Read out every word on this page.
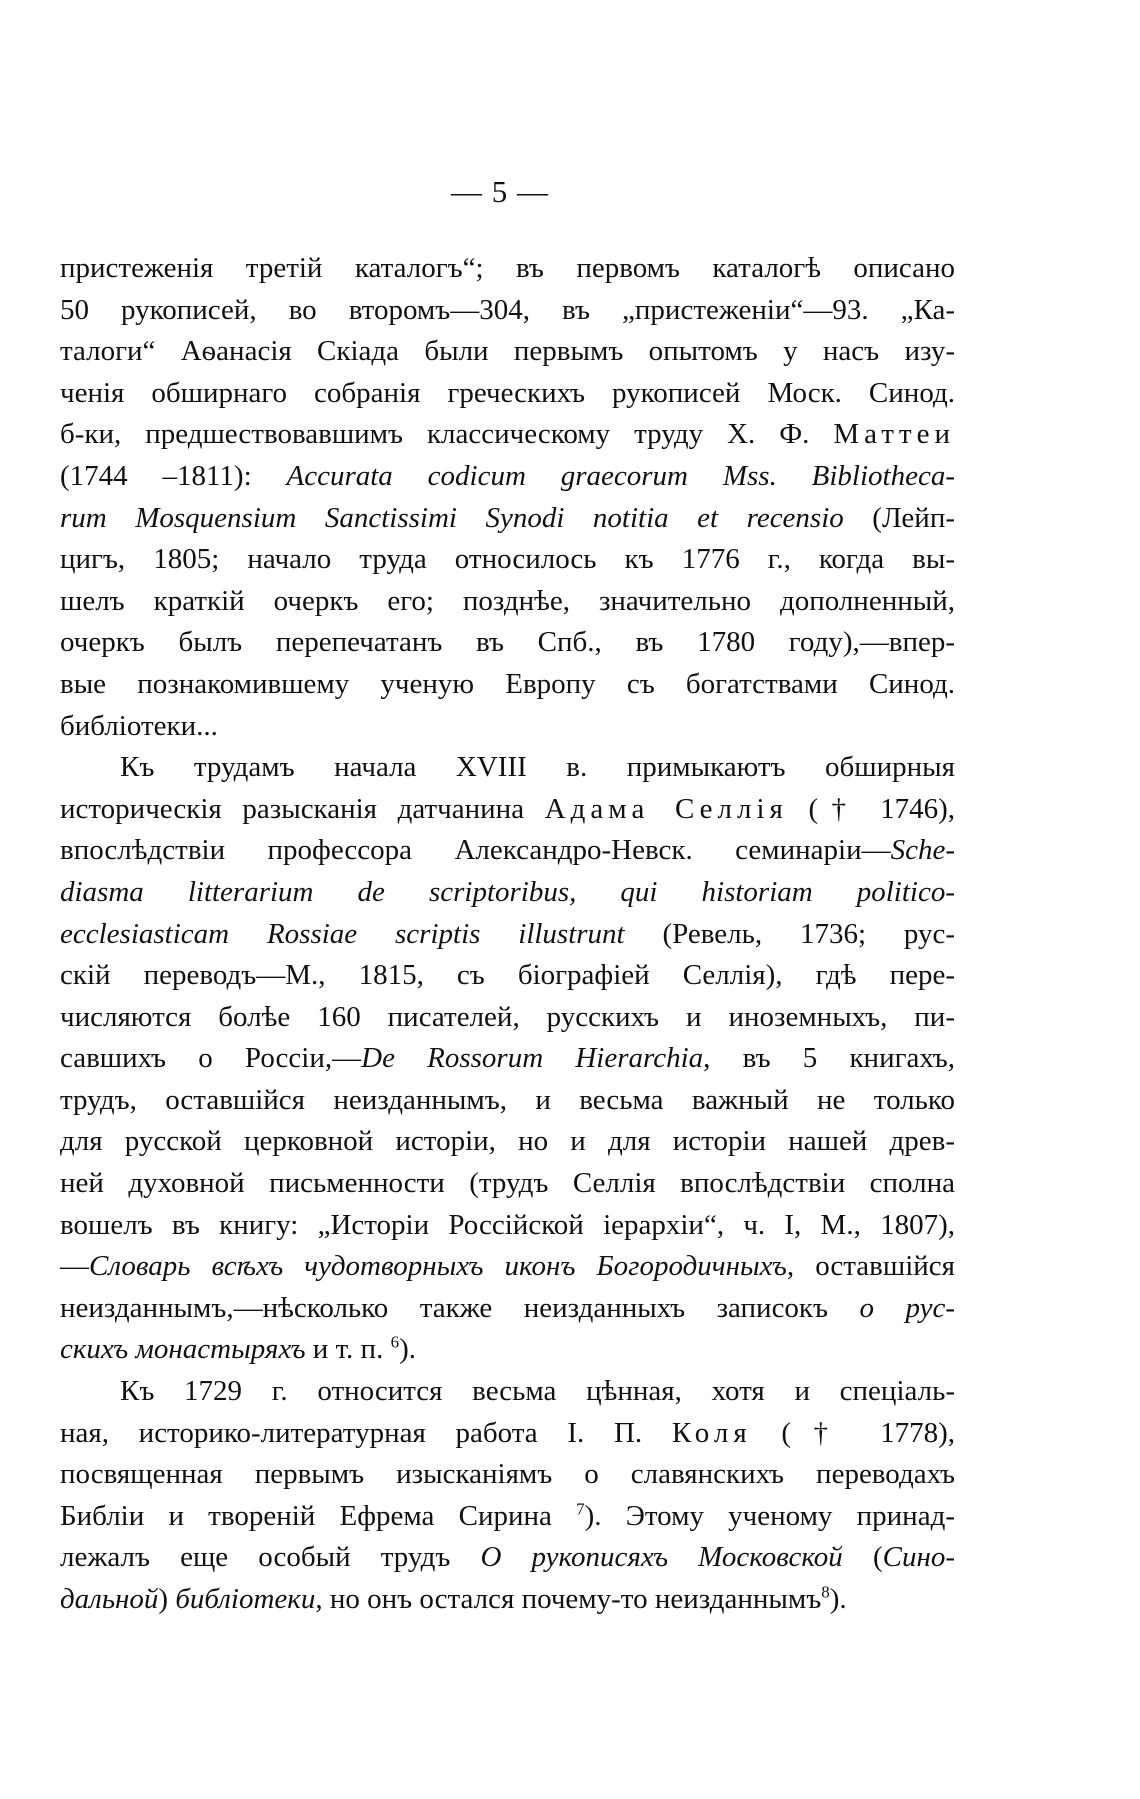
— 5 —
пристеженія третій каталогъ“; въ первомъ каталогѣ описано
50 рукописей, во второмъ—304, въ „пристеженіи“—93. „Ка-
талоги“ Аѳанасія Скіада были первымъ опытомъ у насъ изу-
ченія обширнаго собранія греческихъ рукописей Моск. Синод.
б-ки, предшествовавшимъ классическому труду Х. Ф. Маттеи
(1744 –1811): Accurata codicum graecorum Mss. Bibliotheca-
rum Mosquensium Sanctissimi Synodi notitia et recensio (Лейп-
цигъ, 1805; начало труда относилось къ 1776 г., когда вы-
шелъ краткій очеркъ его; позднѣе, значительно дополненный,
очеркъ былъ перепечатанъ въ Спб., въ 1780 году),—впер-
вые познакомившему ученую Европу съ богатствами Синод.
библіотеки...
Къ трудамъ начала XVIII в. примыкаютъ обширныя
историческія разысканія датчанина Адама Селлія († 1746),
впослѣдствіи профессора Александро-Невск. семинаріи—Sche-
diasma litterarium de scriptoribus, qui historiam politico-
ecclesiasticam Rossiae scriptis illustrunt (Ревель, 1736; рус-
скій переводъ—М., 1815, съ біографіей Селлія), гдѣ пере-
числяются болѣе 160 писателей, русскихъ и иноземныхъ, пи-
савшихъ о Россіи,—De Rossorum Hierarchia, въ 5 книгахъ,
трудъ, оставшійся неизданнымъ, и весьма важный не только
для русской церковной исторіи, но и для исторіи нашей древ-
ней духовной письменности (трудъ Селлія впослѣдствіи сполна
вошелъ въ книгу: „Исторіи Россійской іерархіи“, ч. I, М., 1807),
—Словарь всѣхъ чудотворныхъ иконъ Богородичныхъ, оставшійся
неизданнымъ,—нѣсколько также неизданныхъ записокъ о рус-
скихъ монастыряхъ и т. п. $^6$).
Къ 1729 г. относится весьма цѣнная, хотя и спеціаль-
ная, историко-литературная работа І. П. Коля († 1778),
посвященная первымъ изысканіямъ о славянскихъ переводахъ
Библіи и твореній Ефрема Сирина $^7$). Этому ученому принад-
лежалъ еще особый трудъ О рукописяхъ Московской (Сино-
дальной) библіотеки, но онъ остался почему-то неизданнымъ$^8$).
